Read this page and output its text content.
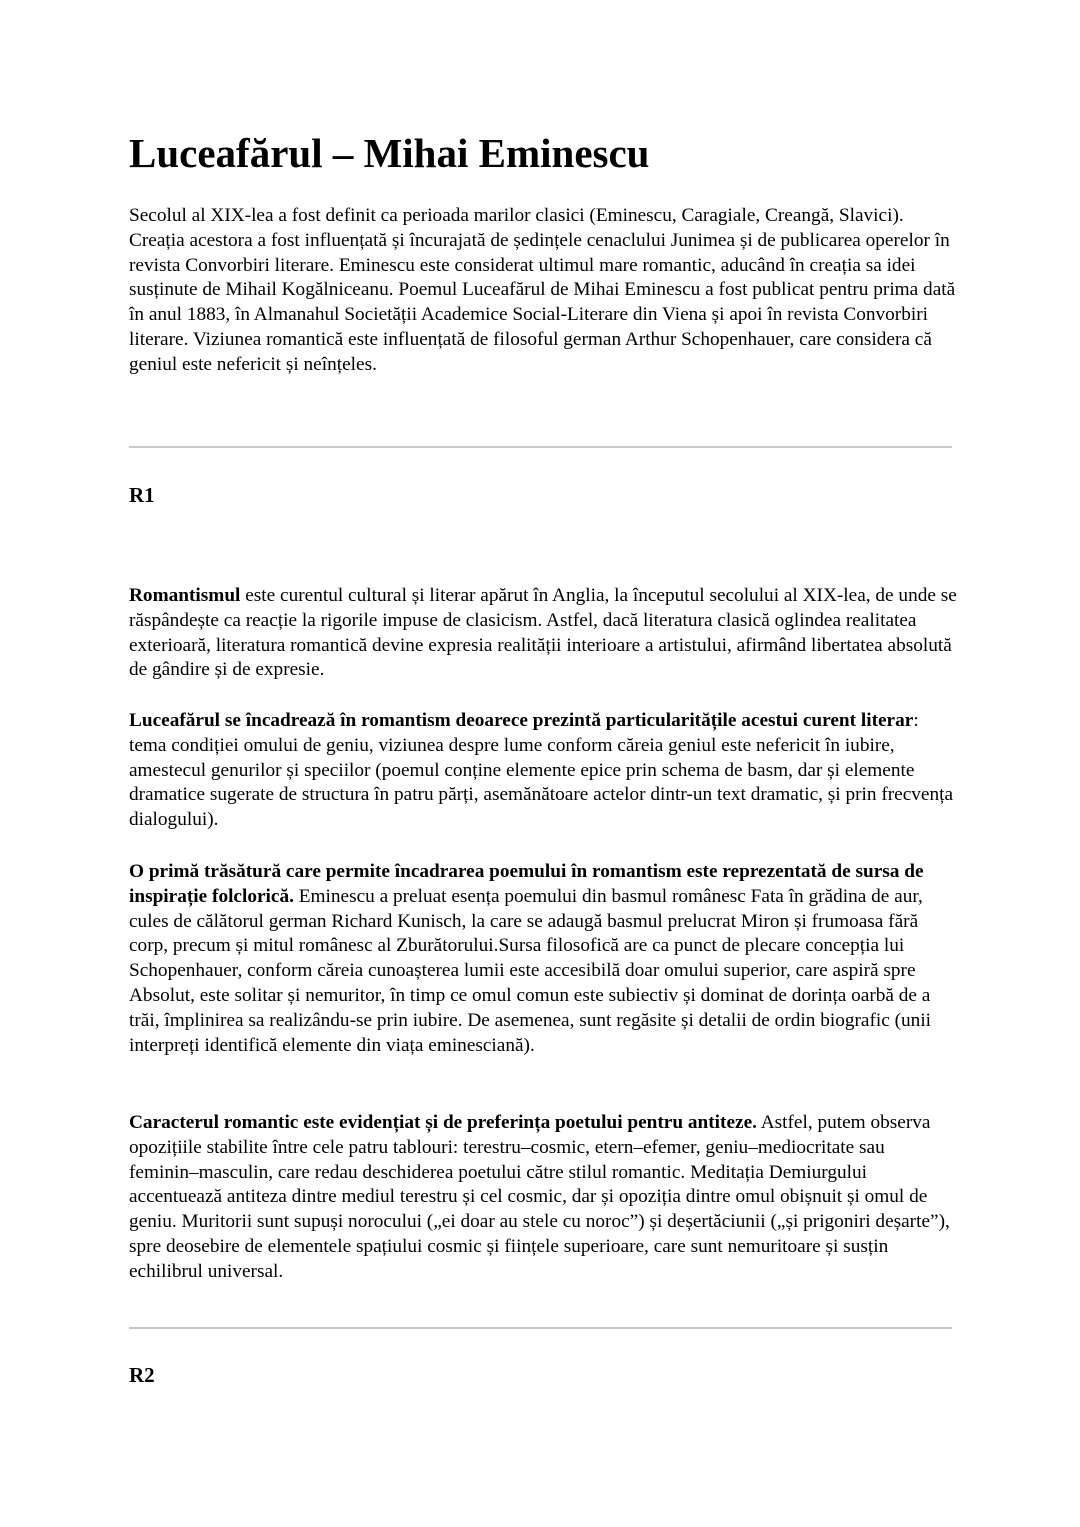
Luceafărul – Mihai Eminescu

Secolul al XIX-lea a fost definit ca perioada marilor clasici (Eminescu, Caragiale, Creangă, Slavici). Creația acestora a fost influențată și încurajată de ședințele cenaclului Junimea și de publicarea operelor în revista Convorbiri literare. Eminescu este considerat ultimul mare romantic, aducând în creația sa idei susținute de Mihail Kogălniceanu. Poemul Luceafărul de Mihai Eminescu a fost publicat pentru prima dată în anul 1883, în Almanahul Societății Academice Social-Literare din Viena și apoi în revista Convorbiri literare. Viziunea romantică este influențată de filosoful german Arthur Schopenhauer, care considera că geniul este nefericit și neînțeles.

R1

Romantismul este curentul cultural și literar apărut în Anglia, la începutul secolului al XIX-lea, de unde se răspândește ca reacție la rigorile impuse de clasicism. Astfel, dacă literatura clasică oglindea realitatea exterioară, literatura romantică devine expresia realității interioare a artistului, afirmând libertatea absolută de gândire și de expresie.

Luceafărul se încadrează în romantism deoarece prezintă particularitățile acestui curent literar: tema condiției omului de geniu, viziunea despre lume conform căreia geniul este nefericit în iubire, amestecul genurilor și speciilor (poemul conține elemente epice prin schema de basm, dar și elemente dramatice sugerate de structura în patru părți, asemănătoare actelor dintr-un text dramatic, și prin frecvența dialogului).

O primă trăsătură care permite încadrarea poemului în romantism este reprezentată de sursa de inspirație folclorică. Eminescu a preluat esența poemului din basmul românesc Fata în grădina de aur, cules de călătorul german Richard Kunisch, la care se adaugă basmul prelucrat Miron și frumoasa fără corp, precum și mitul românesc al Zburătorului.Sursa filosofică are ca punct de plecare concepția lui Schopenhauer, conform căreia cunoașterea lumii este accesibilă doar omului superior, care aspiră spre Absolut, este solitar și nemuritor, în timp ce omul comun este subiectiv și dominat de dorința oarbă de a trăi, împlinirea sa realizându-se prin iubire. De asemenea, sunt regăsite și detalii de ordin biografic (unii interpreți identifică elemente din viața eminesciană).

Caracterul romantic este evidențiat și de preferința poetului pentru antiteze. Astfel, putem observa opozițiile stabilite între cele patru tablouri: terestru–cosmic, etern–efemer, geniu–mediocritate sau feminin–masculin, care redau deschiderea poetului către stilul romantic. Meditația Demiurgului accentuează antiteza dintre mediul terestru și cel cosmic, dar și opoziția dintre omul obișnuit și omul de geniu. Muritorii sunt supuși norocului („ei doar au stele cu noroc”) și deșertăciunii („și prigoniri deșarte”), spre deosebire de elementele spațiului cosmic și ființele superioare, care sunt nemuritoare și susțin echilibrul universal.

R2
